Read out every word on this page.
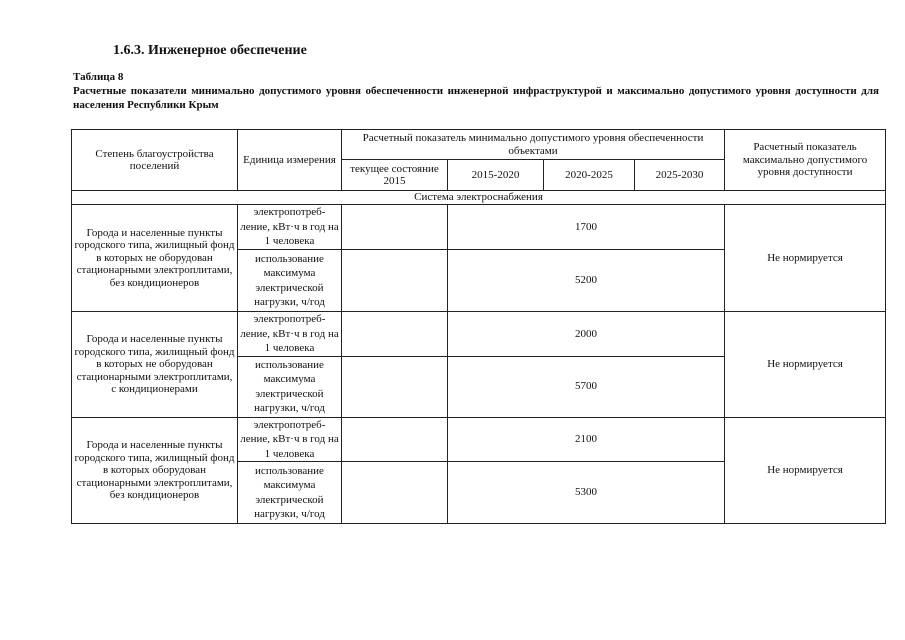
1.6.3. Инженерное обеспечение
Таблица 8
Расчетные показатели минимально допустимого уровня обеспеченности инженерной инфраструктурой и максимально допустимого уровня доступности для населения Республики Крым
Степень благоустройства поселений	Единица измерения	Расчетный показатель минимально допустимого уровня обеспеченности объектами				Расчетный показатель максимально допустимого уровня доступности
		текущее состояние 2015	2015-2020	2020-2025	2025-2030	
Система электроснабжения						
Города и населенные пункты городского типа, жилищный фонд в которых не оборудован стационарными электроплитами, без кондиционеров	электропотреб-ление, кВт·ч в год на 1 человека		1700			Не нормируется
	использование максимума электрической нагрузки, ч/год		5200			
Города и населенные пункты городского типа, жилищный фонд в которых не оборудован стационарными электроплитами, с кондиционерами	электропотреб-ление, кВт·ч в год на 1 человека		2000			Не нормируется
	использование максимума электрической нагрузки, ч/год		5700			
Города и населенные пункты городского типа, жилищный фонд в которых оборудован стационарными электроплитами, без кондиционеров	электропотреб-ление, кВт·ч в год на 1 человека		2100			Не нормируется
	использование максимума электрической нагрузки, ч/год		5300			
